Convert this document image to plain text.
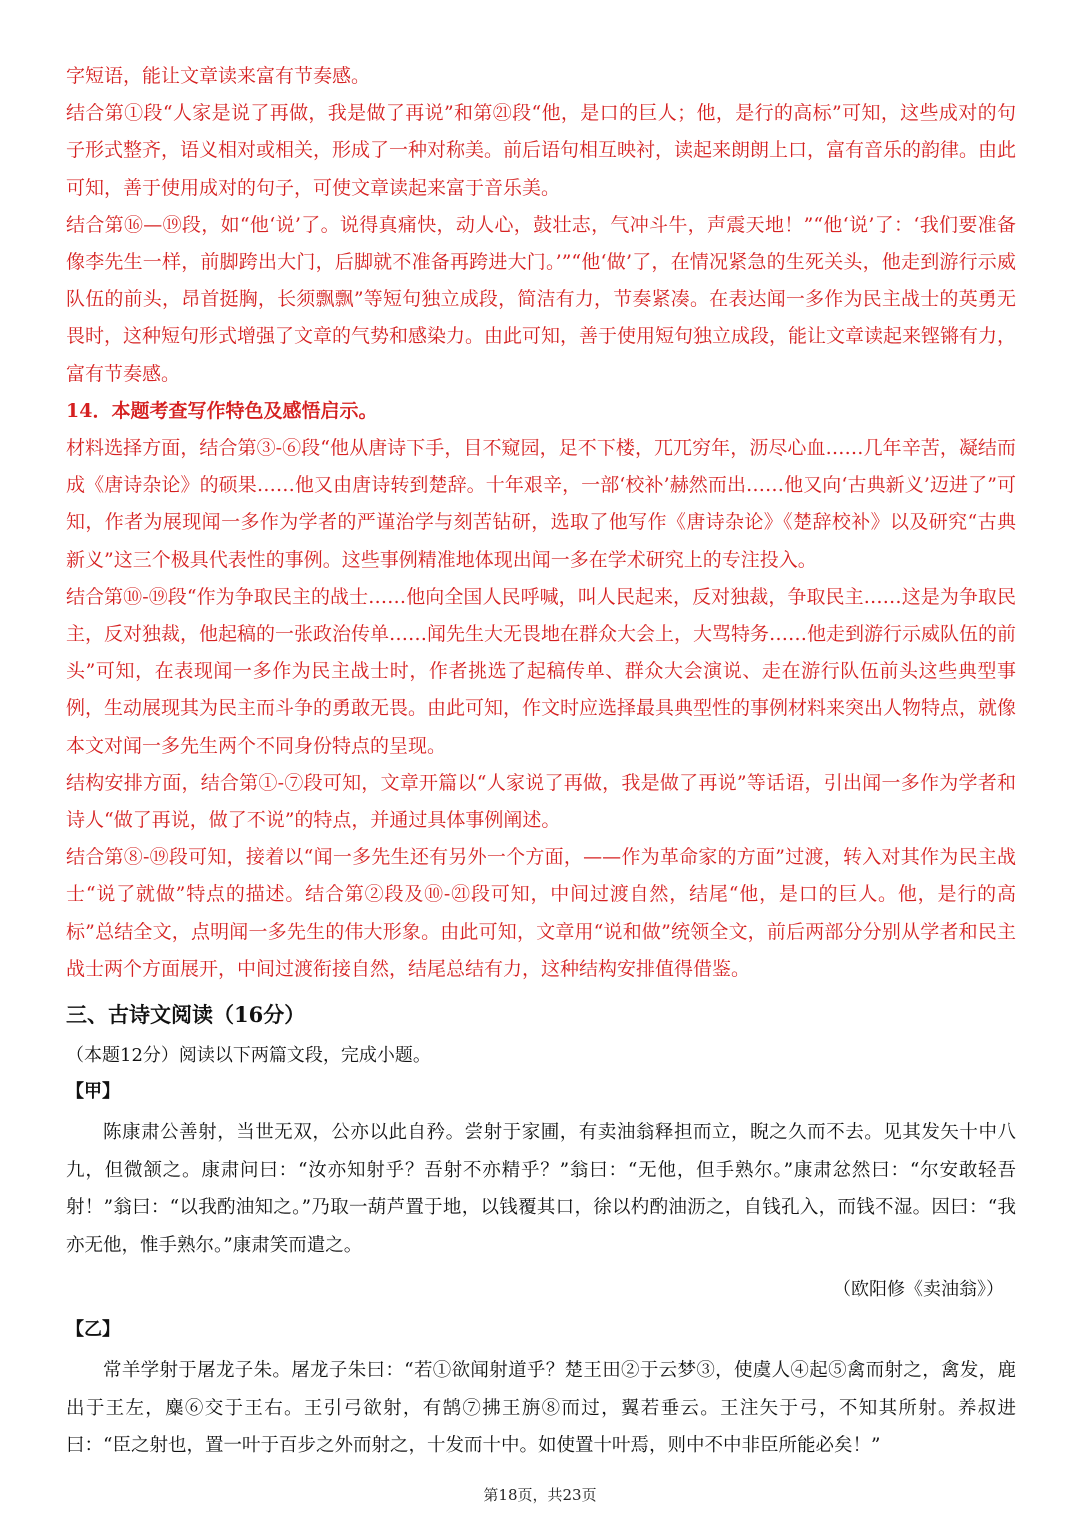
字短语，能让文章读来富有节奏感。

结合第①段“人家是说了再做，我是做了再说”和第㉑段“他，是口的巨人；他，是行的高标”可知，这些成对的句子形式整齐，语义相对或相关，形成了一种对称美。前后语句相互映衬，读起来朗朗上口，富有音乐的韵律。由此可知，善于使用成对的句子，可使文章读起来富于音乐美。

结合第⑯—⑲段，如“他‘说’了。说得真痛快，动人心，鼓壮志，气冲斗牛，声震天地！”“他‘说’了：‘我们要准备像李先生一样，前脚跨出大门，后脚就不准备再跨进大门。’”“他‘做’了，在情况紧急的生死关头，他走到游行示威队伍的前头，昂首挺胸，长须飘飘”等短句独立成段，简洁有力，节奏紧凑。在表达闻一多作为民主战士的英勇无畏时，这种短句形式增强了文章的气势和感染力。由此可知，善于使用短句独立成段，能让文章读起来铿锵有力，富有节奏感。

14．本题考查写作特色及感悟启示。

材料选择方面，结合第③-⑥段“他从唐诗下手，目不窥园，足不下楼，兀兀穷年，沥尽心血……几年辛苦，凝结而成《唐诗杂论》的硕果……他又由唐诗转到楚辞。十年艰辛，一部‘校补’赫然而出……他又向‘古典新义’迈进了”可知，作者为展现闻一多作为学者的严谨治学与刻苦钻研，选取了他写作《唐诗杂论》《楚辞校补》以及研究“古典新义”这三个极具代表性的事例。这些事例精准地体现出闻一多在学术研究上的专注投入。

结合第⑩-⑲段“作为争取民主的战士……他向全国人民呼喊，叫人民起来，反对独裁，争取民主……这是为争取民主，反对独裁，他起稿的一张政治传单……闻先生大无畏地在群众大会上，大骂特务……他走到游行示威队伍的前头”可知，在表现闻一多作为民主战士时，作者挑选了起稿传单、群众大会演说、走在游行队伍前头这些典型事例，生动展现其为民主而斗争的勇敢无畏。由此可知，作文时应选择最具典型性的事例材料来突出人物特点，就像本文对闻一多先生两个不同身份特点的呈现。

结构安排方面，结合第①-⑦段可知，文章开篇以“人家说了再做，我是做了再说”等话语，引出闻一多作为学者和诗人“做了再说，做了不说”的特点，并通过具体事例阐述。

结合第⑧-⑲段可知，接着以“闻一多先生还有另外一个方面，——作为革命家的方面”过渡，转入对其作为民主战士“说了就做”特点的描述。结合第②段及⑩-㉑段可知，中间过渡自然，结尾“他，是口的巨人。他，是行的高标”总结全文，点明闻一多先生的伟大形象。由此可知，文章用“说和做”统领全文，前后两部分分别从学者和民主战士两个方面展开，中间过渡衔接自然，结尾总结有力，这种结构安排值得借鉴。

三、古诗文阅读（16分）

（本题12分）阅读以下两篇文段，完成小题。

【甲】

陈康肃公善射，当世无双，公亦以此自矜。尝射于家圃，有卖油翁释担而立，睨之久而不去。见其发矢十中八九，但微颔之。康肃问曰：“汝亦知射乎？吾射不亦精乎？”翁曰：“无他，但手熟尔。”康肃忿然曰：“尔安敢轻吾射！”翁曰：“以我酌油知之。”乃取一葫芦置于地，以钱覆其口，徐以杓酌油沥之，自钱孔入，而钱不湿。因曰：“我亦无他，惟手熟尔。”康肃笑而遣之。

（欧阳修《卖油翁》）

【乙】

常羊学射于屠龙子朱。屠龙子朱曰：“若①欲闻射道乎？楚王田②于云梦③，使虞人④起⑤禽而射之，禽发，鹿出于王左，麋⑥交于王右。王引弓欲射，有鹄⑦拂王旃⑧而过，翼若垂云。王注矢于弓，不知其所射。养叔进曰：“臣之射也，置一叶于百步之外而射之，十发而十中。如使置十叶焉，则中不中非臣所能必矣！”

第18页，共23页
